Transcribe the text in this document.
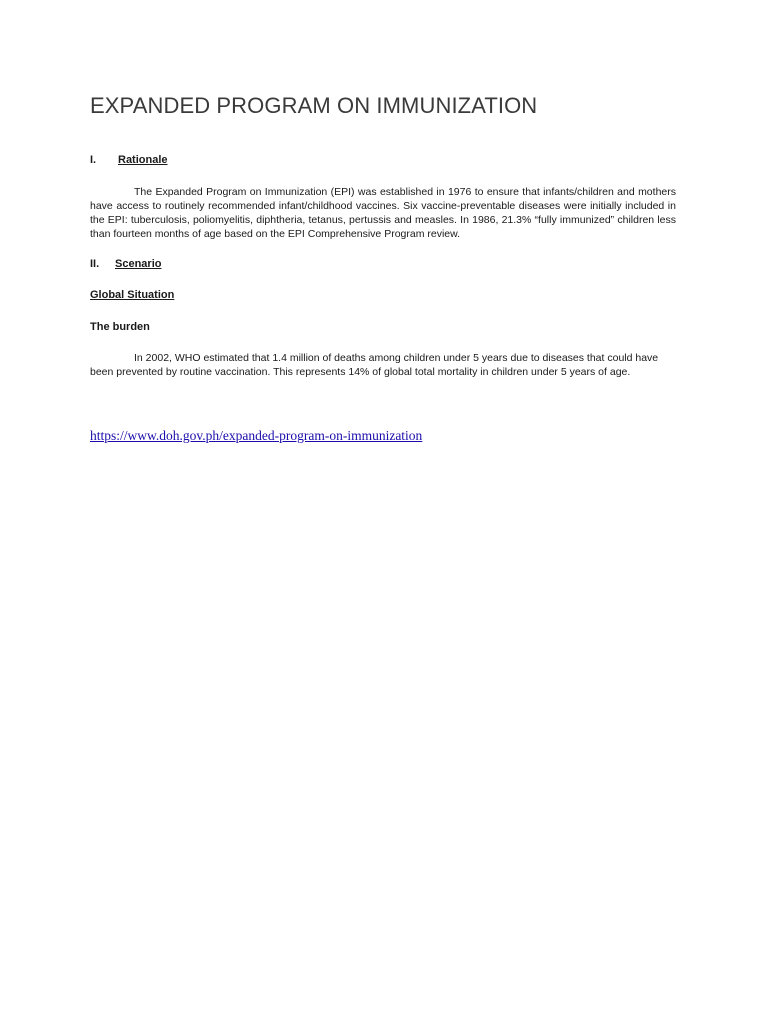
EXPANDED PROGRAM ON IMMUNIZATION
I. Rationale

The Expanded Program on Immunization (EPI) was established in 1976 to ensure that infants/children and mothers have access to routinely recommended infant/childhood vaccines. Six vaccine-preventable diseases were initially included in the EPI: tuberculosis, poliomyelitis, diphtheria, tetanus, pertussis and measles. In 1986, 21.3% “fully immunized” children less than fourteen months of age based on the EPI Comprehensive Program review.

II. Scenario
Global Situation
The burden

In 2002, WHO estimated that 1.4 million of deaths among children under 5 years due to diseases that could have been prevented by routine vaccination. This represents 14% of global total mortality in children under 5 years of age.

https://www.doh.gov.ph/expanded-program-on-immunization
